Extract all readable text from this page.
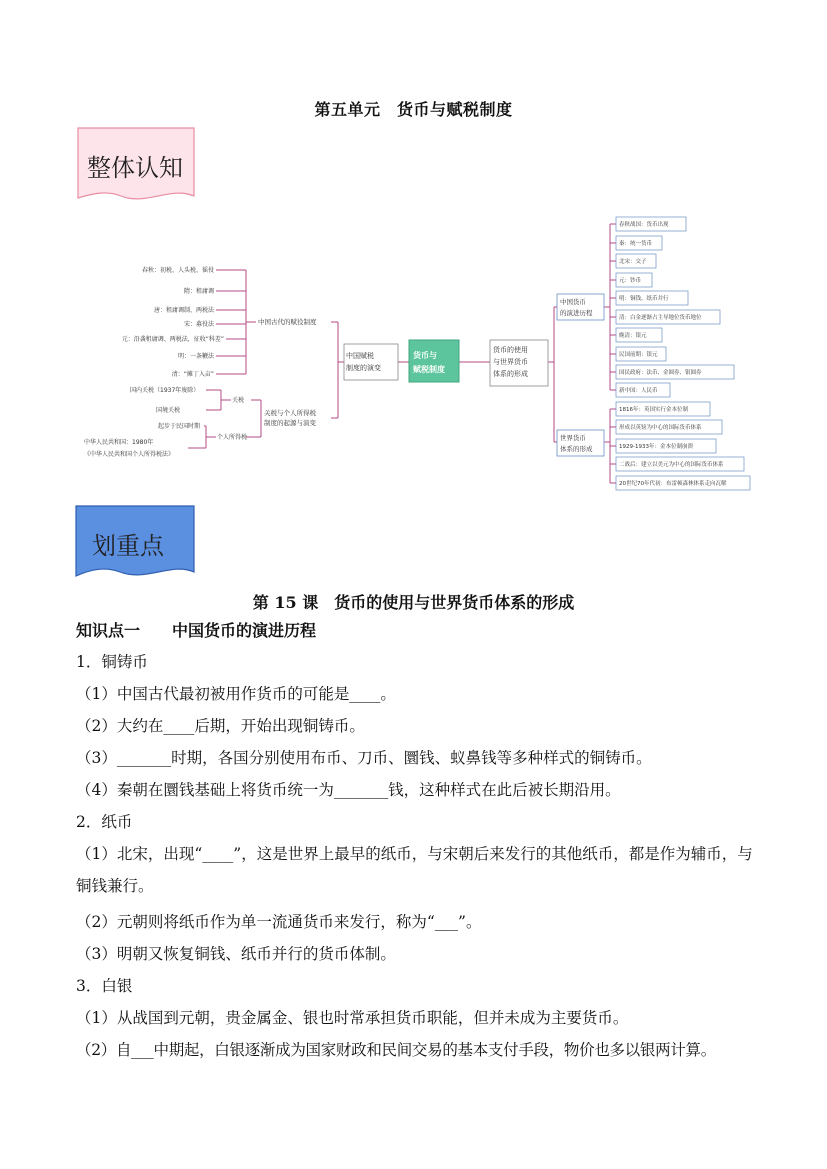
第五单元　货币与赋税制度
整体认知
春秋：初税、人头税、徭役
隋：租庸调
唐：租庸调制、两税法
宋：募役法
元：沿袭租庸调、两税法，征收“科差”
明：一条鞭法
清：“摊丁入亩”
中国古代的赋役制度
国内关税（1937年废除）
国境关税
关税
起步于民国时期
中华人民共和国：1980年
《中华人民共和国个人所得税法》
个人所得税
关税与个人所得税
制度的起源与演变
中国赋税
制度的演变
货币与
赋税制度
货币的使用
与世界货币
体系的形成
中国货币
的演进历程
世界货币
体系的形成
春秋战国：货币出现
秦：统一货币
北宋：交子
元：钞币
明：铜钱、纸币并行
清：白金逐渐占主导地位货币地位
晚清：银元
民国前期：银元
国民政府：法币、金圆券、银圆券
新中国：人民币
1816年：英国实行金本位制
形成以英镑为中心的国际货币体系
1929-1933年：金本位制崩溃
二战后：建立以美元为中心的国际货币体系
20世纪70年代初：布雷顿森林体系走向瓦解
划重点
第 15 课　货币的使用与世界货币体系的形成
知识点一　　中国货币的演进历程
1．铜铸币
（1）中国古代最初被用作货币的可能是____。
（2）大约在____后期，开始出现铜铸币。
（3）_______时期，各国分别使用布币、刀币、圜钱、蚁鼻钱等多种样式的铜铸币。
（4）秦朝在圜钱基础上将货币统一为_______钱，这种样式在此后被长期沿用。
2．纸币
（1）北宋，出现“____”，这是世界上最早的纸币，与宋朝后来发行的其他纸币，都是作为辅币，与铜钱兼行。
（2）元朝则将纸币作为单一流通货币来发行，称为“___”。
（3）明朝又恢复铜钱、纸币并行的货币体制。
3．白银
（1）从战国到元朝，贵金属金、银也时常承担货币职能，但并未成为主要货币。
（2）自___中期起，白银逐渐成为国家财政和民间交易的基本支付手段，物价也多以银两计算。
